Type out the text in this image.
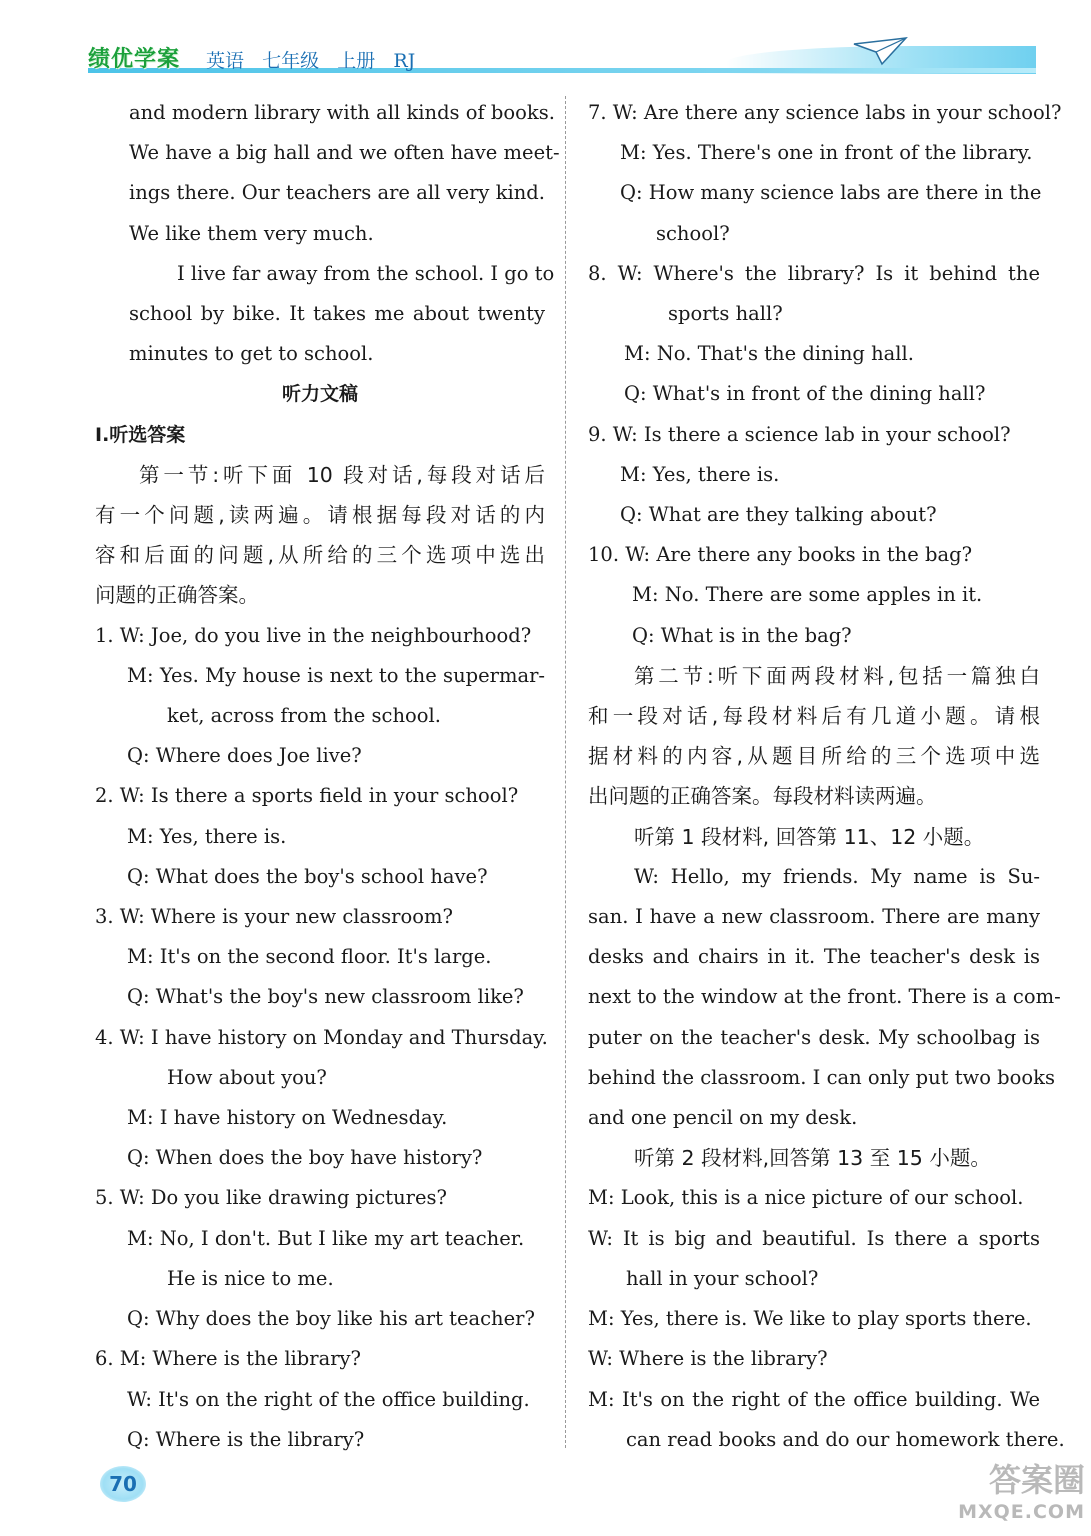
绩优学案 英语   七年级   上册   RJ
and modern library with all kinds of books.
We have a big hall and we often have meet-
ings there. Our teachers are all very kind.
We like them very much.
I live far away from the school. I go to
school by bike. It takes me about twenty
minutes to get to school.
听力文稿
Ⅰ.听选答案
第一节:听下面 10 段对话,每段对话后
有一个问题,读两遍。请根据每段对话的内
容和后面的问题,从所给的三个选项中选出
问题的正确答案。
1. W: Joe, do you live in the neighbourhood?
M: Yes. My house is next to the supermar-
ket, across from the school.
Q: Where does Joe live?
2. W: Is there a sports field in your school?
M: Yes, there is.
Q: What does the boy's school have?
3. W: Where is your new classroom?
M: It's on the second floor. It's large.
Q: What's the boy's new classroom like?
4. W: I have history on Monday and Thursday.
How about you?
M: I have history on Wednesday.
Q: When does the boy have history?
5. W: Do you like drawing pictures?
M: No, I don't. But I like my art teacher.
He is nice to me.
Q: Why does the boy like his art teacher?
6. M: Where is the library?
W: It's on the right of the office building.
Q: Where is the library?
7. W: Are there any science labs in your school?
M: Yes. There's one in front of the library.
Q: How many science labs are there in the
school?
8. W: Where's the library? Is it behind the
sports hall?
M: No. That's the dining hall.
Q: What's in front of the dining hall?
9. W: Is there a science lab in your school?
M: Yes, there is.
Q: What are they talking about?
10. W: Are there any books in the bag?
M: No. There are some apples in it.
Q: What is in the bag?
第二节:听下面两段材料,包括一篇独白
和一段对话,每段材料后有几道小题。请根
据材料的内容,从题目所给的三个选项中选
出问题的正确答案。每段材料读两遍。
听第 1 段材料, 回答第 11、12 小题。
W: Hello, my friends. My name is Su-
san. I have a new classroom. There are many
desks and chairs in it. The teacher's desk is
next to the window at the front. There is a com-
puter on the teacher's desk. My schoolbag is
behind the classroom. I can only put two books
and one pencil on my desk.
听第 2 段材料,回答第 13 至 15 小题。
M: Look, this is a nice picture of our school.
W: It is big and beautiful. Is there a sports
hall in your school?
M: Yes, there is. We like to play sports there.
W: Where is the library?
M: It's on the right of the office building. We
can read books and do our homework there.
70	答案圈
MXQE.COM
